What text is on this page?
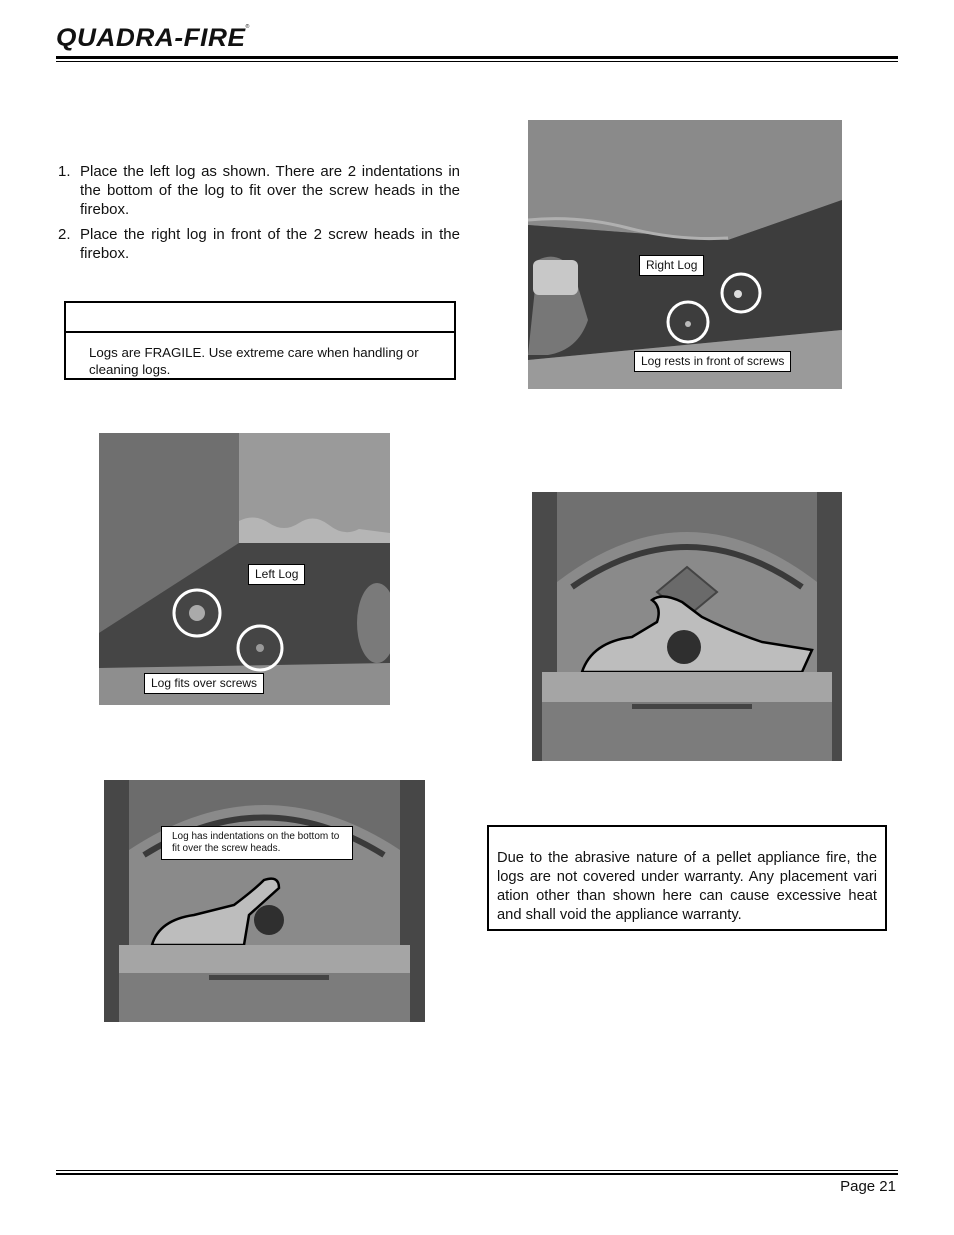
QUADRA-FIRE®
1. Place the left log as shown. There are 2 indentations in the bottom of the log to fit over the screw heads in the firebox.
2. Place the right log in front of the 2 screw heads in the firebox.
Logs are FRAGILE. Use extreme care when handling or cleaning logs.
Right Log
Log rests in front of screws
Left Log
Log fits over screws
Log has indentations on the bottom to fit over the screw heads.
Due to the abrasive nature of a pellet appliance fire, the logs are not covered under warranty. Any placement vari ation other than shown here can cause excessive heat and shall void the appliance warranty.
Page 21
